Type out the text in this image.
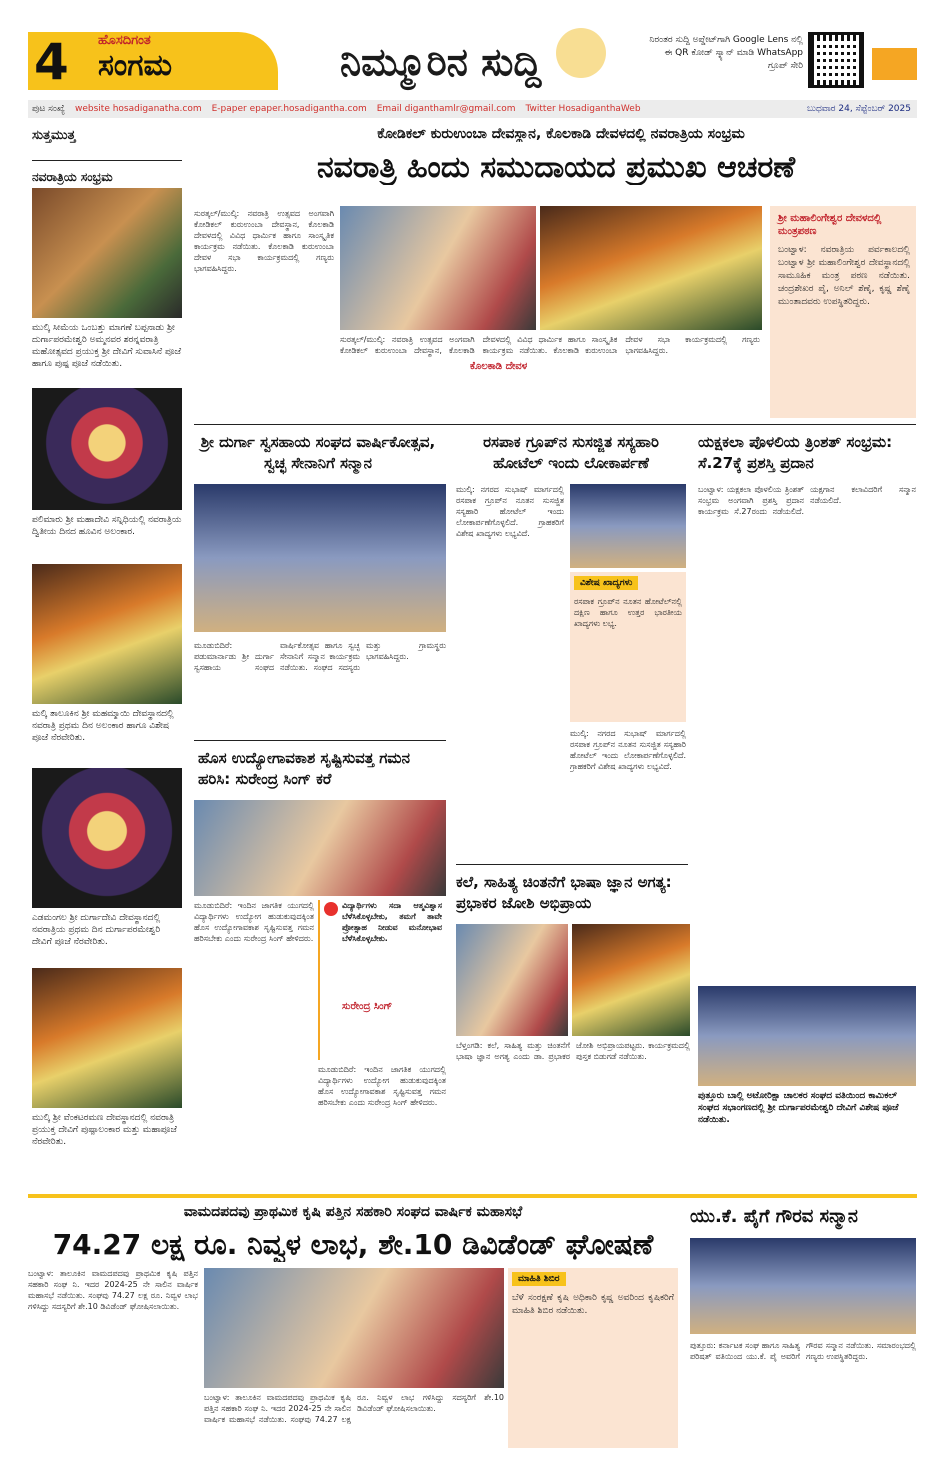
4 ಹೊಸದಿಗಂತ
ಸಂಗಮ	ನಿಮ್ಮೂರಿನ ಸುದ್ದಿ	ನಿರಂತರ ಸುದ್ದಿ ಅಪ್ಡೇಟ್‌ಗಾಗಿ Google Lens ನಲ್ಲಿ ಈ QR ಕೋಡ್ ಸ್ಕ್ಯಾನ್ ಮಾಡಿ WhatsApp ಗ್ರೂಪ್ ಸೇರಿ
ಪುಟ ಸಂಖ್ಯೆ website hosadiganatha.com E-paper epaper.hosadigantha.com Email diganthamlr@gmail.com Twitter HosadiganthaWeb	ಬುಧವಾರ 24, ಸೆಪ್ಟೆಂಬರ್ 2025
ಸುತ್ತಮುತ್ತ
ನವರಾತ್ರಿಯ ಸಂಭ್ರಮ
ಮುಲ್ಕಿ ಸೀಮೆಯ ಒಂಬತ್ತು ಮಾಗಣೆ ಬಪ್ಪನಾಡು ಶ್ರೀ ದುರ್ಗಾಪರಮೇಶ್ವರಿ ಅಮ್ಮನವರ ಶರನ್ನವರಾತ್ರಿ ಮಹೋತ್ಸವದ ಪ್ರಯುಕ್ತ ಶ್ರೀ ದೇವಿಗೆ ಸುವಾಸಿನೆ ಪೂಜೆ ಹಾಗೂ ಪುಷ್ಪ ಪೂಜೆ ನಡೆಯಿತು.
ಪಲಿಮಾರು ಶ್ರೀ ಮಹಾದೇವಿ ಸನ್ನಿಧಿಯಲ್ಲಿ ನವರಾತ್ರಿಯ ದ್ವಿತೀಯ ದಿನದ ಹೂವಿನ ಅಲಂಕಾರ.
ಮಲ್ಕಿ ತಾಲೂಕಿನ ಶ್ರೀ ಮಹಮ್ಮಾಯಿ ದೇವಸ್ಥಾನದಲ್ಲಿ ನವರಾತ್ರಿ ಪ್ರಥಮ ದಿನ ಅಲಂಕಾರ ಹಾಗೂ ವಿಶೇಷ ಪೂಜೆ ನೆರವೇರಿತು.
ಎಡಮಂಗಲ ಶ್ರೀ ದುರ್ಗಾದೇವಿ ದೇವಸ್ಥಾನದಲ್ಲಿ ನವರಾತ್ರಿಯ ಪ್ರಥಮ ದಿನ ದುರ್ಗಾಪರಮೇಶ್ವರಿ ದೇವಿಗೆ ಪೂಜೆ ನೆರವೇರಿತು.
ಮುಲ್ಕಿ ಶ್ರೀ ವೆಂಕಟರಮಣ ದೇವಸ್ಥಾನದಲ್ಲಿ ನವರಾತ್ರಿ ಪ್ರಯುಕ್ತ ದೇವಿಗೆ ಪುಷ್ಪಾಲಂಕಾರ ಮತ್ತು ಮಹಾಪೂಜೆ ನೆರವೇರಿತು.
ಕೋಡಿಕಲ್ ಕುರುಉಂಬಾ ದೇವಸ್ಥಾನ, ಕೊಲಕಾಡಿ ದೇವಳದಲ್ಲಿ ನವರಾತ್ರಿಯ ಸಂಭ್ರಮ
ನವರಾತ್ರಿ ಹಿಂದು ಸಮುದಾಯದ ಪ್ರಮುಖ ಆಚರಣೆ
ಸುರತ್ಕಲ್/ಮುಲ್ಕಿ: ನವರಾತ್ರಿ ಉತ್ಸವದ ಅಂಗವಾಗಿ ಕೋಡಿಕಲ್ ಕುರುಉಂಬಾ ದೇವಸ್ಥಾನ, ಕೊಲಕಾಡಿ ದೇವಳದಲ್ಲಿ ವಿವಿಧ ಧಾರ್ಮಿಕ ಹಾಗೂ ಸಾಂಸ್ಕೃತಿಕ ಕಾರ್ಯಕ್ರಮ ನಡೆಯಿತು. ಕೊಲಕಾಡಿ ಕುರುಉಂಬಾ ದೇವಳ ಸಭಾ ಕಾರ್ಯಕ್ರಮದಲ್ಲಿ ಗಣ್ಯರು ಭಾಗವಹಿಸಿದ್ದರು.
ಸುರತ್ಕಲ್/ಮುಲ್ಕಿ: ನವರಾತ್ರಿ ಉತ್ಸವದ ಅಂಗವಾಗಿ ಕೋಡಿಕಲ್ ಕುರುಉಂಬಾ ದೇವಸ್ಥಾನ, ಕೊಲಕಾಡಿ ದೇವಳದಲ್ಲಿ ವಿವಿಧ ಧಾರ್ಮಿಕ ಹಾಗೂ ಸಾಂಸ್ಕೃತಿಕ ಕಾರ್ಯಕ್ರಮ ನಡೆಯಿತು. ಕೊಲಕಾಡಿ ಕುರುಉಂಬಾ ದೇವಳ ಸಭಾ ಕಾರ್ಯಕ್ರಮದಲ್ಲಿ ಗಣ್ಯರು ಭಾಗವಹಿಸಿದ್ದರು.
ಕೊಲಕಾಡಿ ದೇವಳ
ಶ್ರೀ ಮಹಾಲಿಂಗೇಶ್ವರ ದೇವಳದಲ್ಲಿ ಮಂತ್ರಪಠಣ
ಬಂಟ್ವಾಳ: ನವರಾತ್ರಿಯ ಪರ್ವಕಾಲದಲ್ಲಿ ಬಂಟ್ವಾಳ ಶ್ರೀ ಮಹಾಲಿಂಗೇಶ್ವರ ದೇವಸ್ಥಾನದಲ್ಲಿ ಸಾಮೂಹಿಕ ಮಂತ್ರ ಪಠಣ ನಡೆಯಿತು. ಚಂದ್ರಶೇಖರ ಪೈ, ಅನಿಲ್ ಶೆಣೈ, ಕೃಷ್ಣ ಶೆಣೈ ಮುಂತಾದವರು ಉಪಸ್ಥಿತರಿದ್ದರು.
ಶ್ರೀ ದುರ್ಗಾ ಸ್ವಸಹಾಯ ಸಂಘದ ವಾರ್ಷಿಕೋತ್ಸವ, ಸ್ವಚ್ಛ ಸೇನಾನಿಗೆ ಸನ್ಮಾನ
ಮೂಡುಬಿದಿರೆ: ಪಡುಮಾರ್ನಾಡು ಶ್ರೀ ದುರ್ಗಾ ಸ್ವಸಹಾಯ ಸಂಘದ ವಾರ್ಷಿಕೋತ್ಸವ ಹಾಗೂ ಸ್ವಚ್ಛ ಸೇನಾನಿಗೆ ಸನ್ಮಾನ ಕಾರ್ಯಕ್ರಮ ನಡೆಯಿತು. ಸಂಘದ ಸದಸ್ಯರು ಮತ್ತು ಗ್ರಾಮಸ್ಥರು ಭಾಗವಹಿಸಿದ್ದರು.
ರಸಪಾಕ ಗ್ರೂಪ್‌ನ ಸುಸಜ್ಜಿತ ಸಸ್ಯಹಾರಿ ಹೋಟೆಲ್ ಇಂದು ಲೋಕಾರ್ಪಣೆ
ಮುಲ್ಕಿ: ನಗರದ ಸುಭಾಷ್ ಮಾರ್ಗದಲ್ಲಿ ರಸಪಾಕ ಗ್ರೂಪ್‌ನ ನೂತನ ಸುಸಜ್ಜಿತ ಸಸ್ಯಹಾರಿ ಹೋಟೆಲ್ ಇಂದು ಲೋಕಾರ್ಪಣೆಗೊಳ್ಳಲಿದೆ. ಗ್ರಾಹಕರಿಗೆ ವಿಶೇಷ ಖಾದ್ಯಗಳು ಲಭ್ಯವಿದೆ.
ವಿಶೇಷ ಖಾದ್ಯಗಳು
ರಸಪಾಕ ಗ್ರೂಪ್‌ನ ನೂತನ ಹೋಟೆಲ್‌ನಲ್ಲಿ ದಕ್ಷಿಣ ಹಾಗೂ ಉತ್ತರ ಭಾರತೀಯ ಖಾದ್ಯಗಳು ಲಭ್ಯ.
ಮುಲ್ಕಿ: ನಗರದ ಸುಭಾಷ್ ಮಾರ್ಗದಲ್ಲಿ ರಸಪಾಕ ಗ್ರೂಪ್‌ನ ನೂತನ ಸುಸಜ್ಜಿತ ಸಸ್ಯಹಾರಿ ಹೋಟೆಲ್ ಇಂದು ಲೋಕಾರ್ಪಣೆಗೊಳ್ಳಲಿದೆ. ಗ್ರಾಹಕರಿಗೆ ವಿಶೇಷ ಖಾದ್ಯಗಳು ಲಭ್ಯವಿದೆ.
ಯಕ್ಷಕಲಾ ಪೊಳಲಿಯ ತ್ರಿಂಶತ್ ಸಂಭ್ರಮ: ಸೆ.27ಕ್ಕೆ ಪ್ರಶಸ್ತಿ ಪ್ರದಾನ
ಬಂಟ್ವಾಳ: ಯಕ್ಷಕಲಾ ಪೊಳಲಿಯ ತ್ರಿಂಶತ್ ಸಂಭ್ರಮ ಅಂಗವಾಗಿ ಪ್ರಶಸ್ತಿ ಪ್ರದಾನ ಕಾರ್ಯಕ್ರಮ ಸೆ.27ರಂದು ನಡೆಯಲಿದೆ. ಯಕ್ಷಗಾನ ಕಲಾವಿದರಿಗೆ ಸನ್ಮಾನ ನಡೆಯಲಿದೆ.
ಹೊಸ ಉದ್ಯೋಗಾವಕಾಶ ಸೃಷ್ಟಿಸುವತ್ತ ಗಮನ ಹರಿಸಿ: ಸುರೇಂದ್ರ ಸಿಂಗ್ ಕರೆ
ಮೂಡುಬಿದಿರೆ: ಇಂದಿನ ಜಾಗತಿಕ ಯುಗದಲ್ಲಿ ವಿದ್ಯಾರ್ಥಿಗಳು ಉದ್ಯೋಗ ಹುಡುಕುವುದಕ್ಕಿಂತ ಹೊಸ ಉದ್ಯೋಗಾವಕಾಶ ಸೃಷ್ಟಿಸುವತ್ತ ಗಮನ ಹರಿಸಬೇಕು ಎಂದು ಸುರೇಂದ್ರ ಸಿಂಗ್ ಹೇಳಿದರು.
ವಿದ್ಯಾರ್ಥಿಗಳು ಸದಾ ಆತ್ಮವಿಶ್ವಾಸ ಬೆಳೆಸಿಕೊಳ್ಳಬೇಕು, ತಮಗೆ ತಾವೇ ಪ್ರೋತ್ಸಾಹ ನೀಡುವ ಮನೋಭಾವ ಬೆಳೆಸಿಕೊಳ್ಳಬೇಕು.
ಸುರೇಂದ್ರ ಸಿಂಗ್
ಮೂಡುಬಿದಿರೆ: ಇಂದಿನ ಜಾಗತಿಕ ಯುಗದಲ್ಲಿ ವಿದ್ಯಾರ್ಥಿಗಳು ಉದ್ಯೋಗ ಹುಡುಕುವುದಕ್ಕಿಂತ ಹೊಸ ಉದ್ಯೋಗಾವಕಾಶ ಸೃಷ್ಟಿಸುವತ್ತ ಗಮನ ಹರಿಸಬೇಕು ಎಂದು ಸುರೇಂದ್ರ ಸಿಂಗ್ ಹೇಳಿದರು.
ಕಲೆ, ಸಾಹಿತ್ಯ ಚಿಂತನೆಗೆ ಭಾಷಾ ಜ್ಞಾನ ಅಗತ್ಯ: ಪ್ರಭಾಕರ ಜೋಶಿ ಅಭಿಪ್ರಾಯ
ಬೆಳ್ತಂಗಡಿ: ಕಲೆ, ಸಾಹಿತ್ಯ ಮತ್ತು ಚಿಂತನೆಗೆ ಭಾಷಾ ಜ್ಞಾನ ಅಗತ್ಯ ಎಂದು ಡಾ. ಪ್ರಭಾಕರ ಜೋಶಿ ಅಭಿಪ್ರಾಯಪಟ್ಟರು. ಕಾರ್ಯಕ್ರಮದಲ್ಲಿ ಪುಸ್ತಕ ಬಿಡುಗಡೆ ನಡೆಯಿತು.
ಪುತ್ತೂರು ಬಾಲ್ಲಿ ಅಟೋರಿಕ್ಷಾ ಚಾಲಕರ ಸಂಘದ ವತಿಯಿಂದ ಕಾಮಿಕಲ್ ಸಂಘದ ಸಭಾಂಗಣದಲ್ಲಿ ಶ್ರೀ ದುರ್ಗಾಪರಮೇಶ್ವರಿ ದೇವಿಗೆ ವಿಶೇಷ ಪೂಜೆ ನಡೆಯಿತು.
ವಾಮದಪದವು ಪ್ರಾಥಮಿಕ ಕೃಷಿ ಪತ್ತಿನ ಸಹಕಾರಿ ಸಂಘದ ವಾರ್ಷಿಕ ಮಹಾಸಭೆ
74.27 ಲಕ್ಷ ರೂ. ನಿವ್ವಳ ಲಾಭ, ಶೇ.10 ಡಿವಿಡೆಂಡ್ ಘೋಷಣೆ
ಬಂಟ್ವಾಳ: ತಾಲೂಕಿನ ವಾಮದಪದವು ಪ್ರಾಥಮಿಕ ಕೃಷಿ ಪತ್ತಿನ ಸಹಕಾರಿ ಸಂಘ ನಿ. ಇದರ 2024-25 ನೇ ಸಾಲಿನ ವಾರ್ಷಿಕ ಮಹಾಸಭೆ ನಡೆಯಿತು. ಸಂಘವು 74.27 ಲಕ್ಷ ರೂ. ನಿವ್ವಳ ಲಾಭ ಗಳಿಸಿದ್ದು ಸದಸ್ಯರಿಗೆ ಶೇ.10 ಡಿವಿಡೆಂಡ್ ಘೋಷಿಸಲಾಯಿತು.
ಬಂಟ್ವಾಳ: ತಾಲೂಕಿನ ವಾಮದಪದವು ಪ್ರಾಥಮಿಕ ಕೃಷಿ ಪತ್ತಿನ ಸಹಕಾರಿ ಸಂಘ ನಿ. ಇದರ 2024-25 ನೇ ಸಾಲಿನ ವಾರ್ಷಿಕ ಮಹಾಸಭೆ ನಡೆಯಿತು. ಸಂಘವು 74.27 ಲಕ್ಷ ರೂ. ನಿವ್ವಳ ಲಾಭ ಗಳಿಸಿದ್ದು ಸದಸ್ಯರಿಗೆ ಶೇ.10 ಡಿವಿಡೆಂಡ್ ಘೋಷಿಸಲಾಯಿತು.
ಮಾಹಿತಿ ಶಿಬಿರ
ಬೆಳೆ ಸಂರಕ್ಷಣೆ ಕೃಷಿ ಅಧಿಕಾರಿ ಕೃಷ್ಣ ಅವರಿಂದ ಕೃಷಿಕರಿಗೆ ಮಾಹಿತಿ ಶಿಬಿರ ನಡೆಯಿತು.
ಯು.ಕೆ. ಪೈಗೆ ಗೌರವ ಸನ್ಮಾನ
ಪುತ್ತೂರು: ಕರ್ನಾಟಕ ಸಂಘ ಹಾಗೂ ಸಾಹಿತ್ಯ ಪರಿಷತ್ ವತಿಯಿಂದ ಯು.ಕೆ. ಪೈ ಅವರಿಗೆ ಗೌರವ ಸನ್ಮಾನ ನಡೆಯಿತು. ಸಮಾರಂಭದಲ್ಲಿ ಗಣ್ಯರು ಉಪಸ್ಥಿತರಿದ್ದರು.
